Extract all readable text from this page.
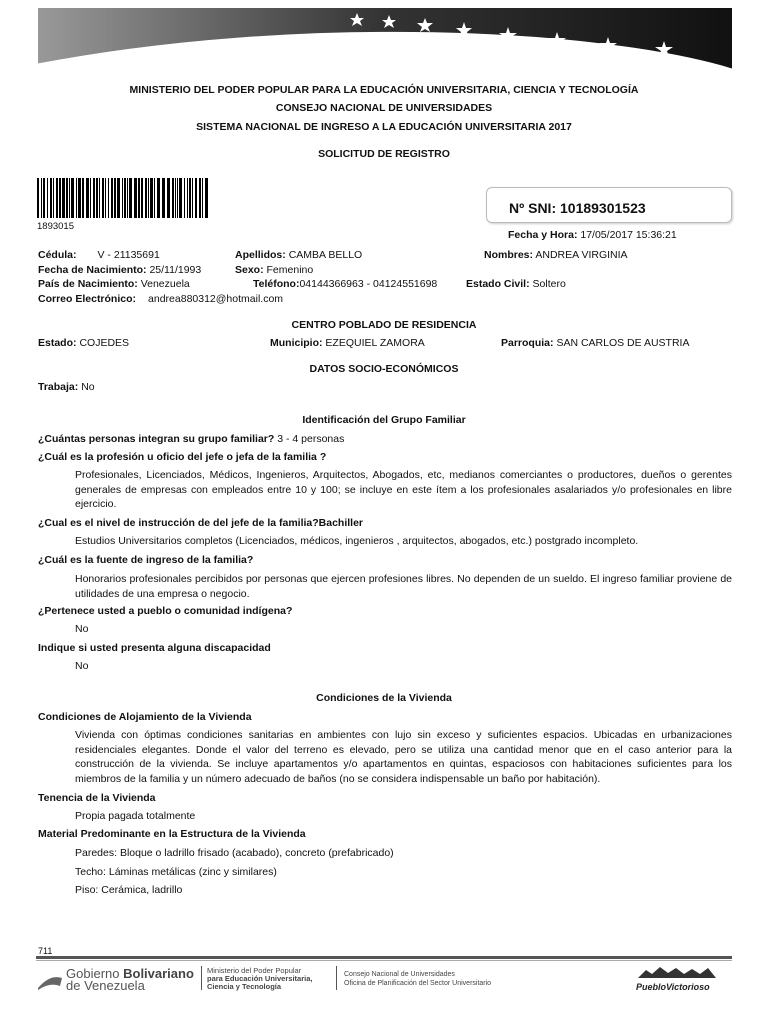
MINISTERIO DEL PODER POPULAR PARA LA EDUCACIÓN UNIVERSITARIA, CIENCIA Y TECNOLOGÍA
CONSEJO NACIONAL DE UNIVERSIDADES
SISTEMA NACIONAL DE INGRESO A LA EDUCACIÓN UNIVERSITARIA 2017
SOLICITUD DE REGISTRO
1893015
Nº SNI: 10189301523
Fecha y Hora: 17/05/2017 15:36:21
Cédula: V - 21135691	Apellidos: CAMBA BELLO	Nombres: ANDREA VIRGINIA
Fecha de Nacimiento: 25/11/1993	Sexo: Femenino
País de Nacimiento: Venezuela	Teléfono:04144366963 - 04124551698	Estado Civil: Soltero
Correo Electrónico: andrea880312@hotmail.com
CENTRO POBLADO DE RESIDENCIA
Estado: COJEDES	Municipio: EZEQUIEL ZAMORA	Parroquia: SAN CARLOS DE AUSTRIA
DATOS SOCIO-ECONÓMICOS
Trabaja: No
Identificación del Grupo Familiar
¿Cuántas personas integran su grupo familiar? 3 - 4 personas
¿Cuál es la profesión u oficio del jefe o jefa de la familia ?
Profesionales, Licenciados, Médicos, Ingenieros, Arquitectos, Abogados, etc, medianos comerciantes o productores, dueños o gerentes generales de empresas con empleados entre 10 y 100; se incluye en este ítem a los profesionales asalariados y/o profesionales en libre ejercicio.
¿Cual es el nivel de instrucción de del jefe de la familia?Bachiller
Estudios Universitarios completos (Licenciados, médicos, ingenieros , arquitectos, abogados, etc.) postgrado incompleto.
¿Cuál es la fuente de ingreso de la familia?
Honorarios profesionales percibidos por personas que ejercen profesiones libres. No dependen de un sueldo. El ingreso familiar proviene de utilidades de una empresa o negocio.
¿Pertenece usted a pueblo o comunidad indígena?
No
Indique si usted presenta alguna discapacidad
No
Condiciones de la Vivienda
Condiciones de Alojamiento de la Vivienda
Vivienda con óptimas condiciones sanitarias en ambientes con lujo sin exceso y suficientes espacios. Ubicadas en urbanizaciones residenciales elegantes. Donde el valor del terreno es elevado, pero se utiliza una cantidad menor que en el caso anterior para la construcción de la vivienda. Se incluye apartamentos y/o apartamentos en quintas, espaciosos con habitaciones suficientes para los miembros de la familia y un número adecuado de baños (no se considera indispensable un baño por habitación).
Tenencia de la Vivienda
Propia pagada totalmente
Material Predominante en la Estructura de la Vivienda
Paredes: Bloque o ladrillo frisado (acabado), concreto (prefabricado)
Techo: Láminas metálicas (zinc y similares)
Piso: Cerámica, ladrillo
711
Gobierno Bolivariano
de Venezuela
Ministerio del Poder Popular
para Educación Universitaria,
Ciencia y Tecnología
Consejo Nacional de Universidades
Oficina de Planificación del Sector Universitario	PuebloVictorioso
